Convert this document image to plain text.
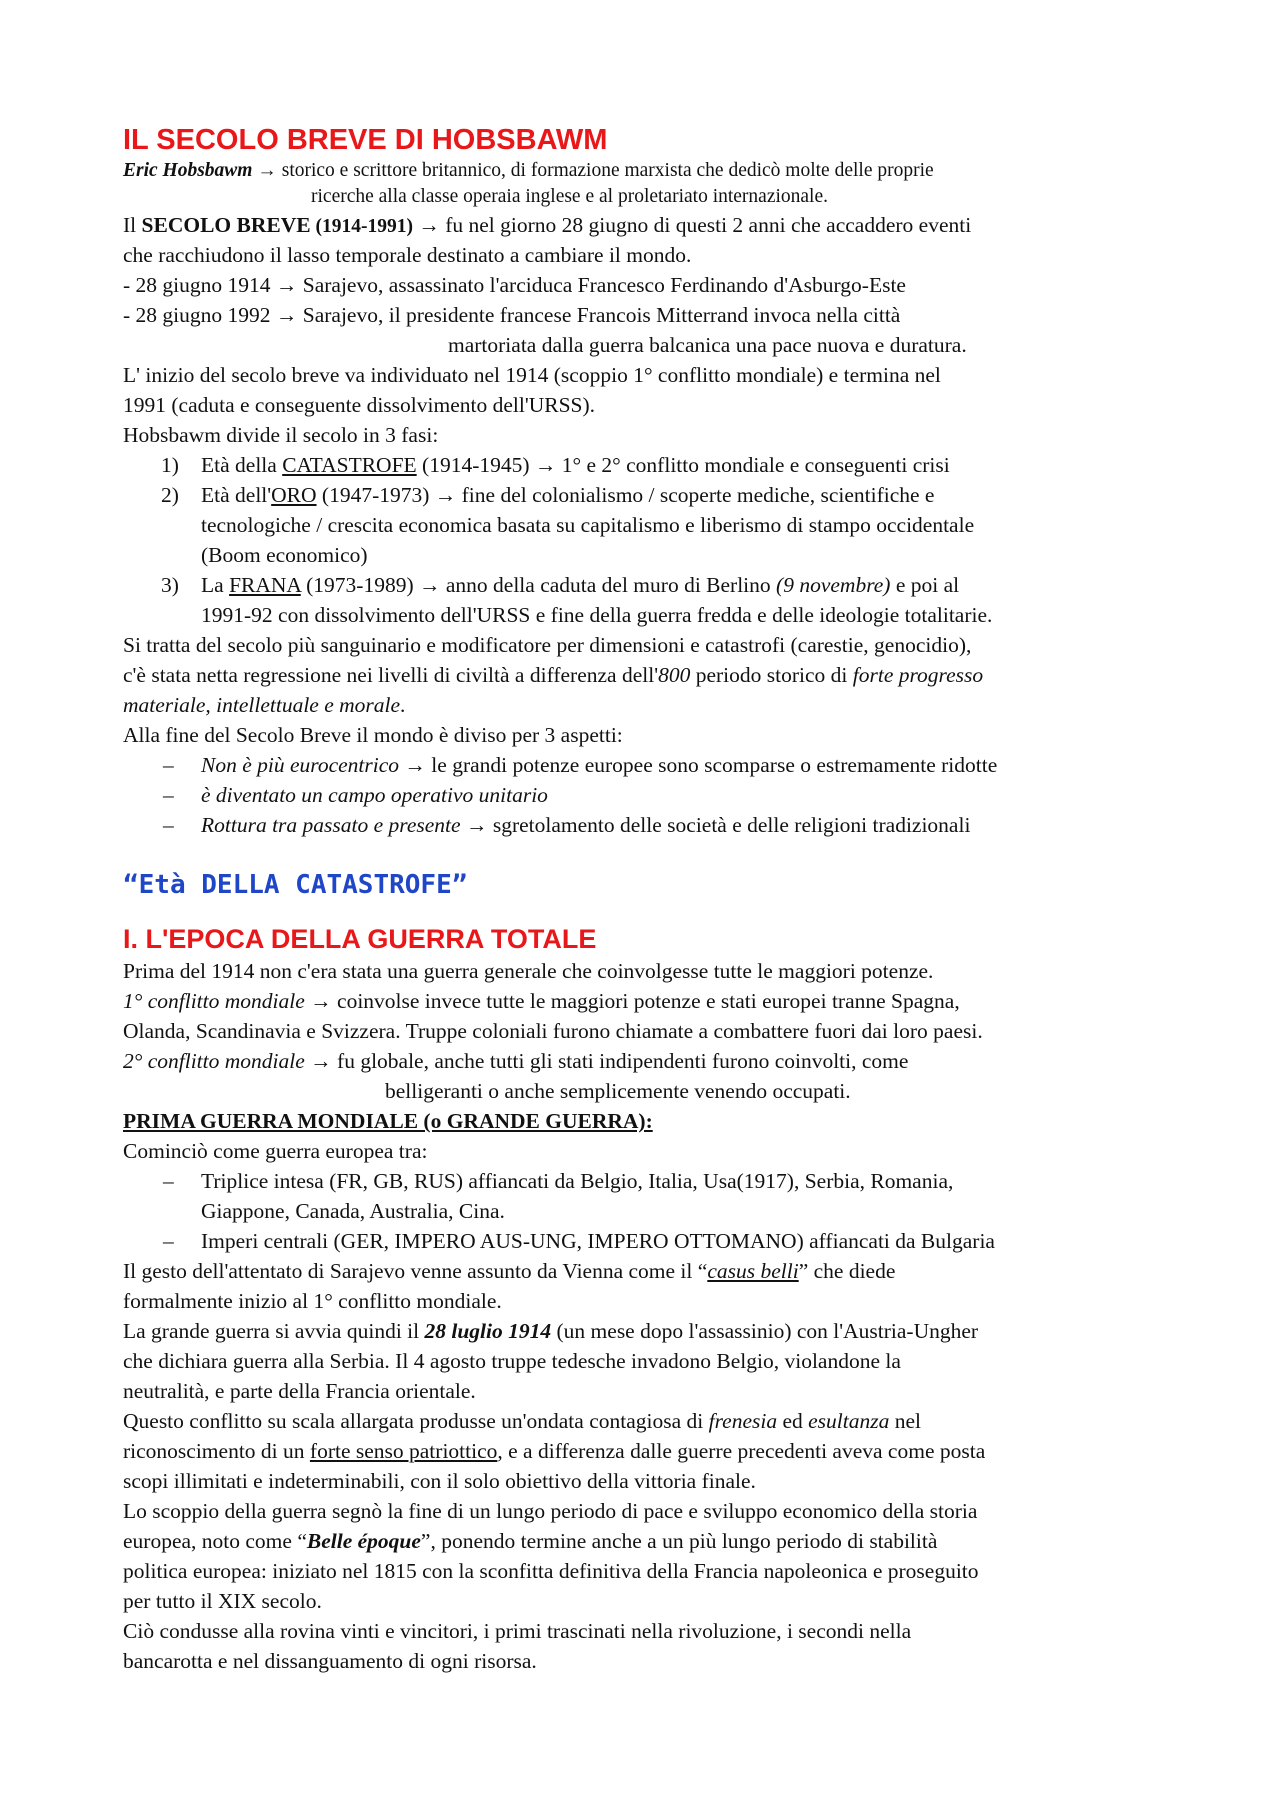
IL SECOLO BREVE DI HOBSBAWM
Eric Hobsbawm → storico e scrittore britannico, di formazione marxista che dedicò molte delle proprie
ricerche alla classe operaia inglese e al proletariato internazionale.

Il SECOLO BREVE (1914-1991) → fu nel giorno 28 giugno di questi 2 anni che accaddero eventi

che racchiudono il lasso temporale destinato a cambiare il mondo.

- 28 giugno 1914 → Sarajevo, assassinato l'arciduca Francesco Ferdinando d'Asburgo-Este

- 28 giugno 1992 → Sarajevo, il presidente francese Francois Mitterrand invoca nella città

martoriata dalla guerra balcanica una pace nuova e duratura.

L' inizio del secolo breve va individuato nel 1914 (scoppio 1° conflitto mondiale) e termina nel

1991 (caduta e conseguente dissolvimento dell'URSS).

Hobsbawm divide il secolo in 3 fasi:

1) Età della CATASTROFE (1914-1945) → 1° e 2° conflitto mondiale e conseguenti crisi
2) Età dell'ORO (1947-1973) → fine del colonialismo / scoperte mediche, scientifiche e
tecnologiche / crescita economica basata su capitalismo e liberismo di stampo occidentale
(Boom economico)
3) La FRANA (1973-1989) → anno della caduta del muro di Berlino (9 novembre) e poi al
1991-92 con dissolvimento dell'URSS e fine della guerra fredda e delle ideologie totalitarie.

Si tratta del secolo più sanguinario e modificatore per dimensioni e catastrofi (carestie, genocidio),

c'è stata netta regressione nei livelli di civiltà a differenza dell'800 periodo storico di forte progresso

materiale, intellettuale e morale.

Alla fine del Secolo Breve il mondo è diviso per 3 aspetti:

– Non è più eurocentrico → le grandi potenze europee sono scomparse o estremamente ridotte
– è diventato un campo operativo unitario
– Rottura tra passato e presente → sgretolamento delle società e delle religioni tradizionali
“Età DELLA CATASTROFE”
I. L'EPOCA DELLA GUERRA TOTALE

Prima del 1914 non c'era stata una guerra generale che coinvolgesse tutte le maggiori potenze.

1° conflitto mondiale → coinvolse invece tutte le maggiori potenze e stati europei tranne Spagna,

Olanda, Scandinavia e Svizzera. Truppe coloniali furono chiamate a combattere fuori dai loro paesi.

2° conflitto mondiale → fu globale, anche tutti gli stati indipendenti furono coinvolti, come

belligeranti o anche semplicemente venendo occupati.

PRIMA GUERRA MONDIALE (o GRANDE GUERRA):

Cominciò come guerra europea tra:

– Triplice intesa (FR, GB, RUS) affiancati da Belgio, Italia, Usa(1917), Serbia, Romania,
Giappone, Canada, Australia, Cina.
– Imperi centrali (GER, IMPERO AUS-UNG, IMPERO OTTOMANO) affiancati da Bulgaria

Il gesto dell'attentato di Sarajevo venne assunto da Vienna come il “casus belli” che diede

formalmente inizio al 1° conflitto mondiale.

La grande guerra si avvia quindi il 28 luglio 1914 (un mese dopo l'assassinio) con l'Austria-Ungher

che dichiara guerra alla Serbia. Il 4 agosto truppe tedesche invadono Belgio, violandone la

neutralità, e parte della Francia orientale.

Questo conflitto su scala allargata produsse un'ondata contagiosa di frenesia ed esultanza nel

riconoscimento di un forte senso patriottico, e a differenza dalle guerre precedenti aveva come posta

scopi illimitati e indeterminabili, con il solo obiettivo della vittoria finale.

Lo scoppio della guerra segnò la fine di un lungo periodo di pace e sviluppo economico della storia

europea, noto come “Belle époque”, ponendo termine anche a un più lungo periodo di stabilità

politica europea: iniziato nel 1815 con la sconfitta definitiva della Francia napoleonica e proseguito

per tutto il XIX secolo.

Ciò condusse alla rovina vinti e vincitori, i primi trascinati nella rivoluzione, i secondi nella

bancarotta e nel dissanguamento di ogni risorsa.
